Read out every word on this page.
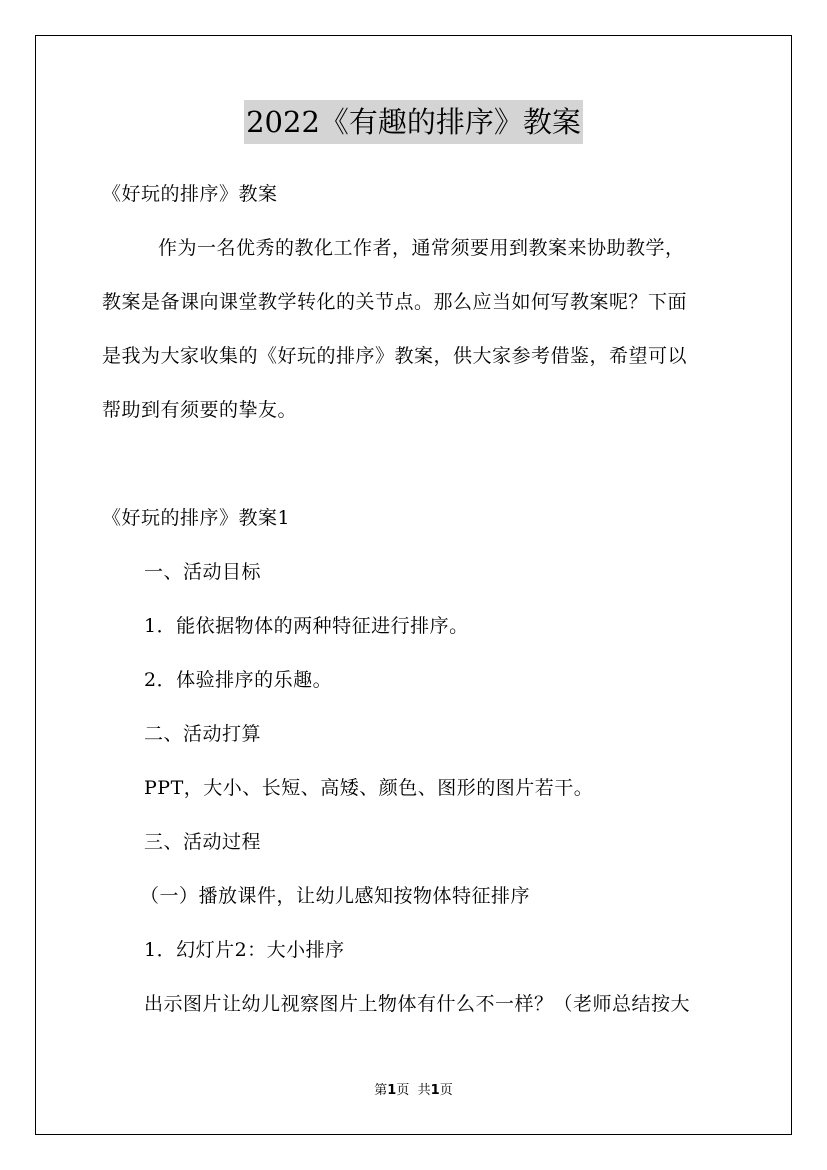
2022《有趣的排序》教案
《好玩的排序》教案
作为一名优秀的教化工作者，通常须要用到教案来协助教学，
教案是备课向课堂教学转化的关节点。那么应当如何写教案呢？下面
是我为大家收集的《好玩的排序》教案，供大家参考借鉴，希望可以
帮助到有须要的挚友。
《好玩的排序》教案1
一、活动目标
1．能依据物体的两种特征进行排序。
2．体验排序的乐趣。
二、活动打算
PPT，大小、长短、高矮、颜色、图形的图片若干。
三、活动过程
（一）播放课件，让幼儿感知按物体特征排序
1．幻灯片2：大小排序
出示图片让幼儿视察图片上物体有什么不一样？（老师总结按大
第1页 共1页
